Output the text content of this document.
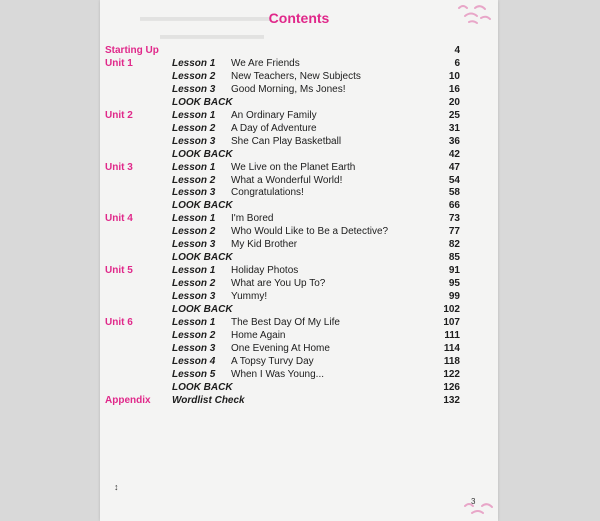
▬▬▬▬▬▬▬▬▬▬
▬▬▬▬▬▬▬▬
Contents
Starting Up	4
Unit 1	Lesson 1 We Are Friends	6
Lesson 2 New Teachers, New Subjects	10
Lesson 3 Good Morning, Ms Jones!	16
LOOK BACK	20
Unit 2	Lesson 1 An Ordinary Family	25
Lesson 2 A Day of Adventure	31
Lesson 3 She Can Play Basketball	36
LOOK BACK	42
Unit 3	Lesson 1 We Live on the Planet Earth	47
Lesson 2 What a Wonderful World!	54
Lesson 3 Congratulations!	58
LOOK BACK	66
Unit 4	Lesson 1 I'm Bored	73
Lesson 2 Who Would Like to Be a Detective?	77
Lesson 3 My Kid Brother	82
LOOK BACK	85
Unit 5	Lesson 1 Holiday Photos	91
Lesson 2 What are You Up To?	95
Lesson 3 Yummy!	99
LOOK BACK	102
Unit 6	Lesson 1 The Best Day Of My Life	107
Lesson 2 Home Again	111
Lesson 3 One Evening At Home	114
Lesson 4 A Topsy Turvy Day	118
Lesson 5 When I Was Young...	122
LOOK BACK	126
Appendix Wordlist Check	132
3
↕
